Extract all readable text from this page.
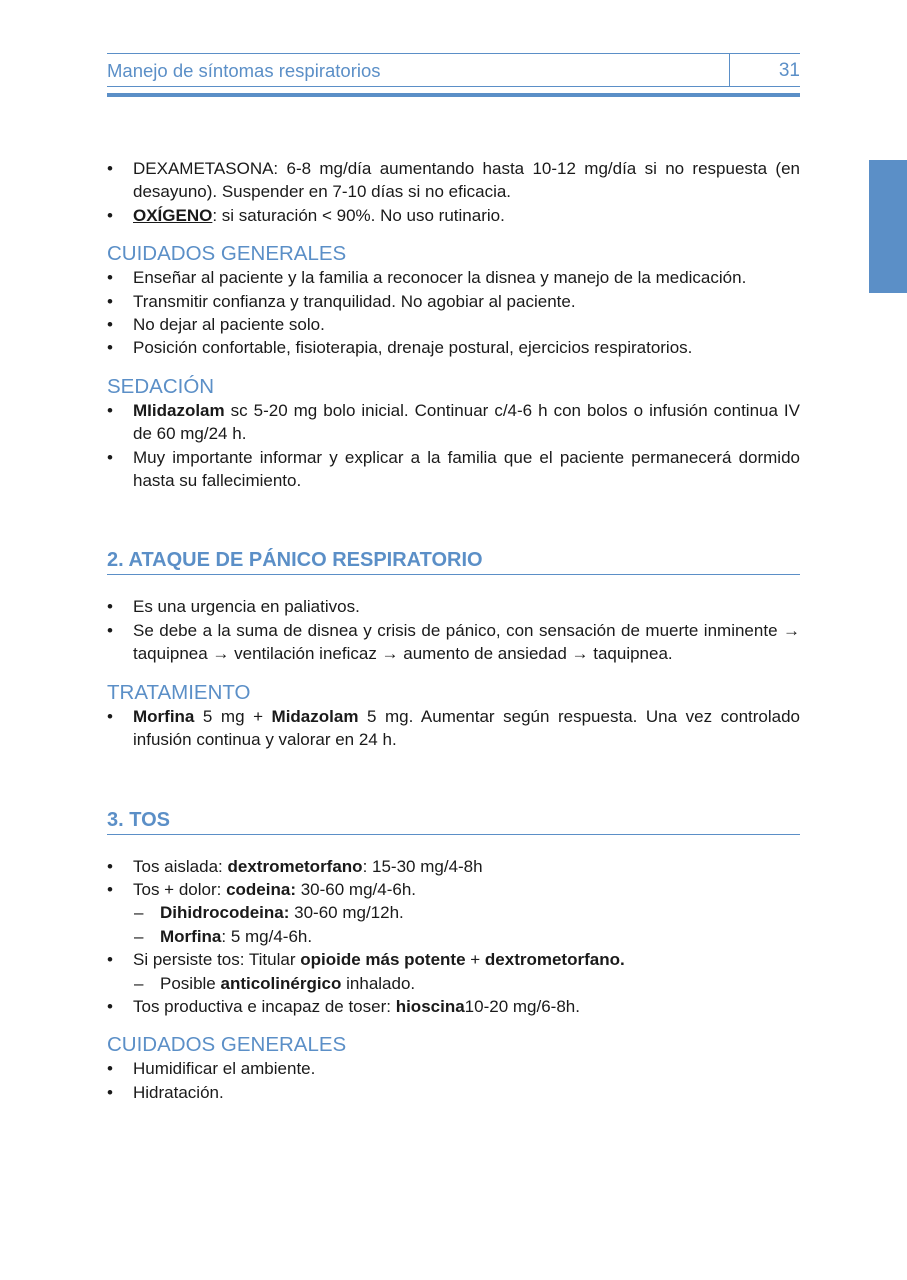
Manejo de síntomas respiratorios	31
• DEXAMETASONA: 6-8 mg/día aumentando hasta 10-12 mg/día si no respuesta (en desayuno). Suspender en 7-10 días si no eficacia.
• OXÍGENO: si saturación < 90%. No uso rutinario.
CUIDADOS GENERALES
• Enseñar al paciente y la familia a reconocer la disnea y manejo de la medicación.
• Transmitir confianza y tranquilidad. No agobiar al paciente.
• No dejar al paciente solo.
• Posición confortable, fisioterapia, drenaje postural, ejercicios respiratorios.
SEDACIÓN
• MIidazolam sc 5-20 mg bolo inicial. Continuar c/4-6 h con bolos o infusión continua IV de 60 mg/24 h.
• Muy importante informar y explicar a la familia que el paciente permanecerá dormido hasta su fallecimiento.
2. ATAQUE DE PÁNICO RESPIRATORIO
• Es una urgencia en paliativos.
• Se debe a la suma de disnea y crisis de pánico, con sensación de muerte inminente → taquipnea → ventilación ineficaz → aumento de ansiedad → taquipnea.
TRATAMIENTO
• Morfina 5 mg + Midazolam 5 mg. Aumentar según respuesta. Una vez controlado infusión continua y valorar en 24 h.
3. TOS
• Tos aislada: dextrometorfano: 15-30 mg/4-8h
• Tos + dolor: codeina: 30-60 mg/4-6h.
– Dihidrocodeina: 30-60 mg/12h.
– Morfina: 5 mg/4-6h.
• Si persiste tos: Titular opioide más potente + dextrometorfano.
– Posible anticolinérgico inhalado.
• Tos productiva e incapaz de toser: hioscina10-20 mg/6-8h.
CUIDADOS GENERALES
• Humidificar el ambiente.
• Hidratación.
